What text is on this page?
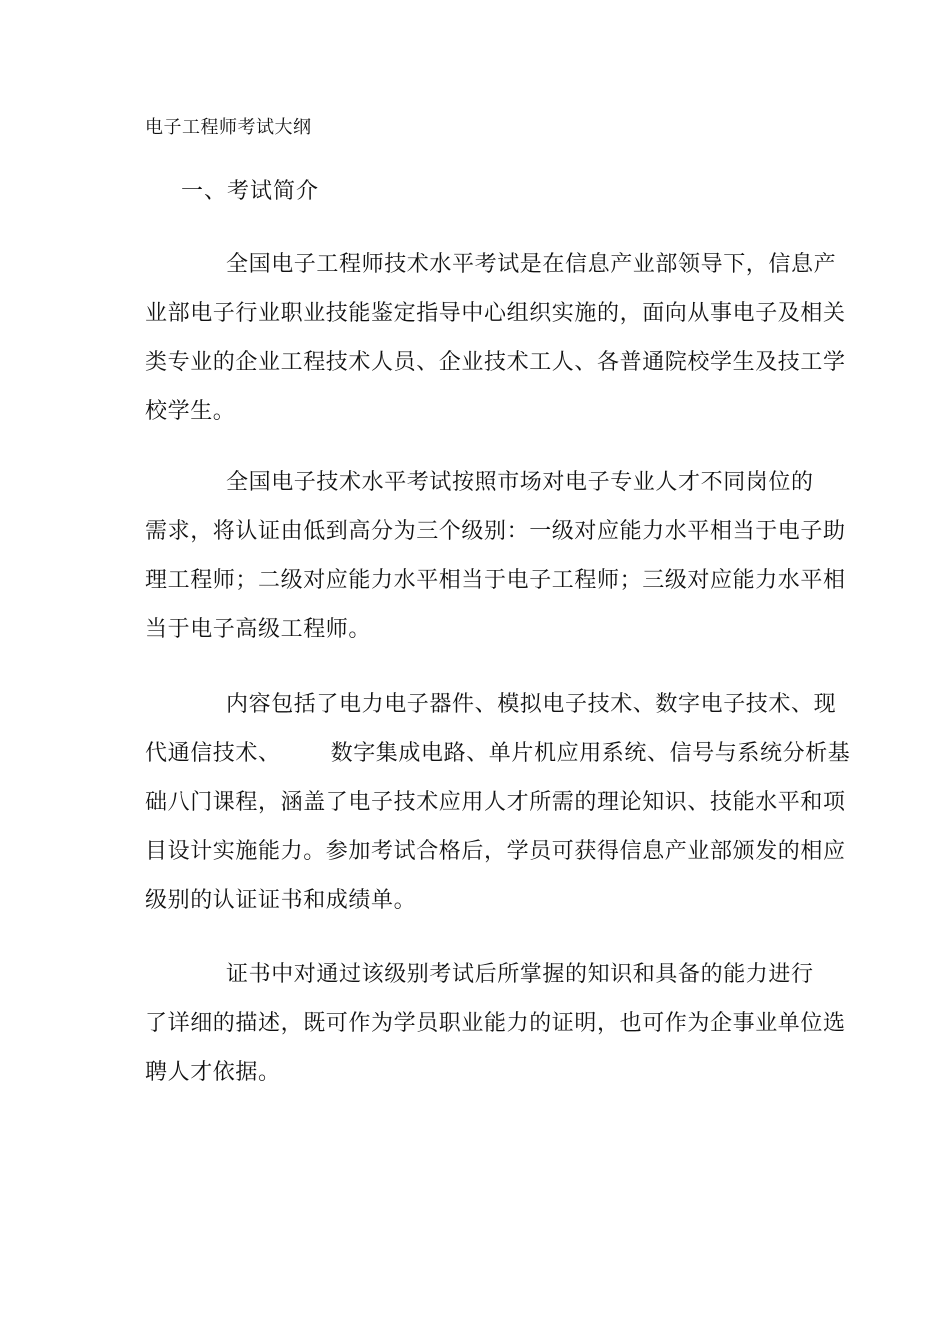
电子工程师考试大纲
一、考试简介

全国电子工程师技术水平考试是在信息产业部领导下，信息产
业部电子行业职业技能鉴定指导中心组织实施的，面向从事电子及相关
类专业的企业工程技术人员、企业技术工人、各普通院校学生及技工学
校学生。

全国电子技术水平考试按照市场对电子专业人才不同岗位的
需求，将认证由低到高分为三个级别：一级对应能力水平相当于电子助
理工程师；二级对应能力水平相当于电子工程师；三级对应能力水平相
当于电子高级工程师。

内容包括了电力电子器件、模拟电子技术、数字电子技术、现
代通信技术、 数字集成电路、单片机应用系统、信号与系统分析基
础八门课程，涵盖了电子技术应用人才所需的理论知识、技能水平和项
目设计实施能力。参加考试合格后，学员可获得信息产业部颁发的相应
级别的认证证书和成绩单。

证书中对通过该级别考试后所掌握的知识和具备的能力进行
了详细的描述，既可作为学员职业能力的证明，也可作为企事业单位选
聘人才依据。
